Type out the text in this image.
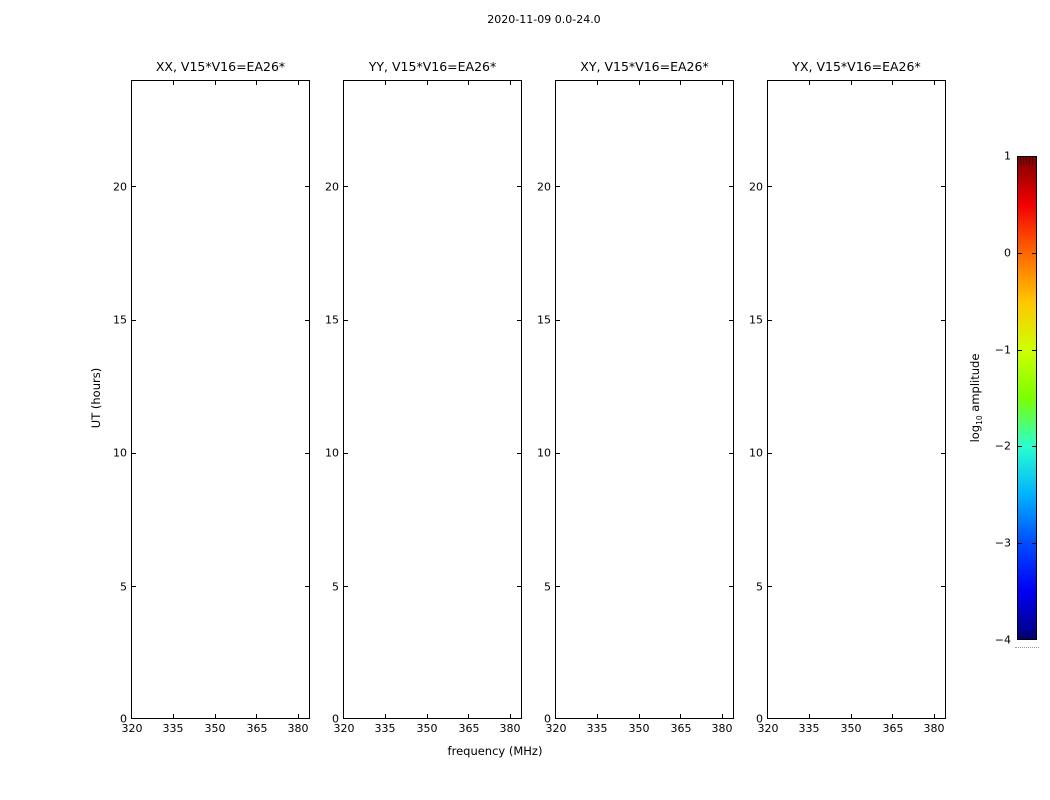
2020-11-09 0.0-24.0
XX, V15*V16=EA26*
20
15
10
5
0
320 335 350 365 380
YY, V15*V16=EA26*
20
15
10
5
0
320 335 350 365 380
XY, V15*V16=EA26*
20
15
10
5
0
320 335 350 365 380
YX, V15*V16=EA26*
20
15
10
5
0
320 335 350 365 380
frequency (MHz)
UT (hours)
1
0
−1
−2
−3
−4
$\log_{10}$ amplitude
